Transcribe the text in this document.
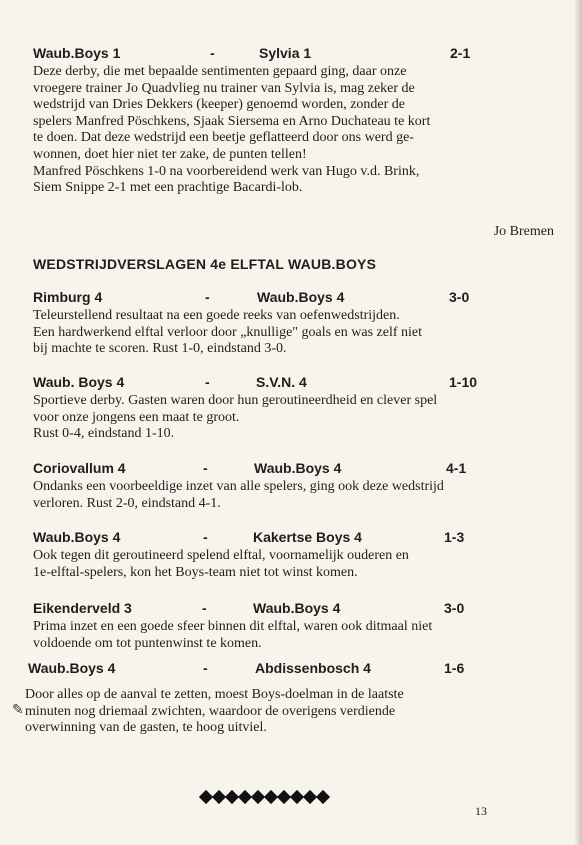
Waub.Boys 1	-	Sylvia 1	2-1
Deze derby, die met bepaalde sentimenten gepaard ging, daar onze
vroegere trainer Jo Quadvlieg nu trainer van Sylvia is, mag zeker de
wedstrijd van Dries Dekkers (keeper) genoemd worden, zonder de
spelers Manfred Pöschkens, Sjaak Siersema en Arno Duchateau te kort
te doen. Dat deze wedstrijd een beetje geflatteerd door ons werd ge-
wonnen, doet hier niet ter zake, de punten tellen!
Manfred Pöschkens 1-0 na voorbereidend werk van Hugo v.d. Brink,
Siem Snippe 2-1 met een prachtige Bacardi-lob.
Jo Bremen
WEDSTRIJDVERSLAGEN 4e ELFTAL WAUB.BOYS
Rimburg 4	-	Waub.Boys 4	3-0
Teleurstellend resultaat na een goede reeks van oefenwedstrijden.
Een hardwerkend elftal verloor door „knullige" goals en was zelf niet
bij machte te scoren. Rust 1-0, eindstand 3-0.
Waub. Boys 4	-	S.V.N. 4	1-10
Sportieve derby. Gasten waren door hun geroutineerdheid en clever spel
voor onze jongens een maat te groot.
Rust 0-4, eindstand 1-10.
Coriovallum 4	-	Waub.Boys 4	4-1
Ondanks een voorbeeldige inzet van alle spelers, ging ook deze wedstrijd
verloren. Rust 2-0, eindstand 4-1.
Waub.Boys 4	-	Kakertse Boys 4	1-3
Ook tegen dit geroutineerd spelend elftal, voornamelijk ouderen en
1e-elftal-spelers, kon het Boys-team niet tot winst komen.
Eikenderveld 3	-	Waub.Boys 4	3-0
Prima inzet en een goede sfeer binnen dit elftal, waren ook ditmaal niet
voldoende om tot puntenwinst te komen.
Waub.Boys 4	-	Abdissenbosch 4	1-6
Door alles op de aanval te zetten, moest Boys-doelman in de laatste
minuten nog driemaal zwichten, waardoor de overigens verdiende
overwinning van de gasten, te hoog uitviel.
✎
13
